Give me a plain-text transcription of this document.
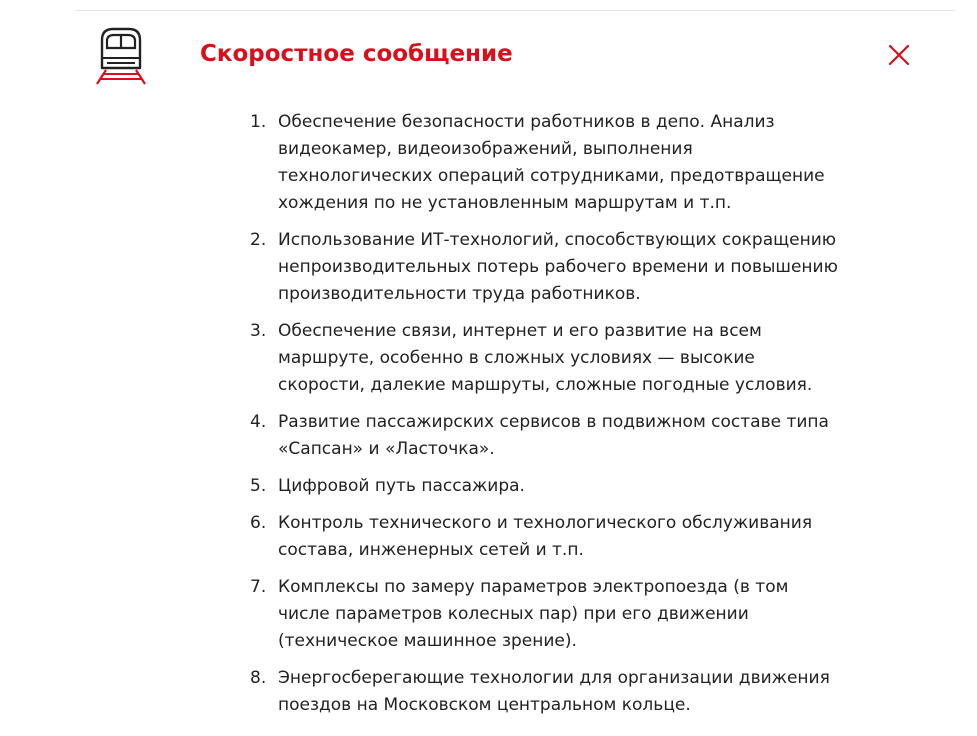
Скоростное сообщение
1. Обеспечение безопасности работников в депо. Анализ
видеокамер, видеоизображений, выполнения
технологических операций сотрудниками, предотвращение
хождения по не установленным маршрутам и т.п.
2. Использование ИТ-технологий, способствующих сокращению
непроизводительных потерь рабочего времени и повышению
производительности труда работников.
3. Обеспечение связи, интернет и его развитие на всем
маршруте, особенно в сложных условиях — высокие
скорости, далекие маршруты, сложные погодные условия.
4. Развитие пассажирских сервисов в подвижном составе типа
«Сапсан» и «Ласточка».
5. Цифровой путь пассажира.
6. Контроль технического и технологического обслуживания
состава, инженерных сетей и т.п.
7. Комплексы по замеру параметров электропоезда (в том
числе параметров колесных пар) при его движении
(техническое машинное зрение).
8. Энергосберегающие технологии для организации движения
поездов на Московском центральном кольце.
